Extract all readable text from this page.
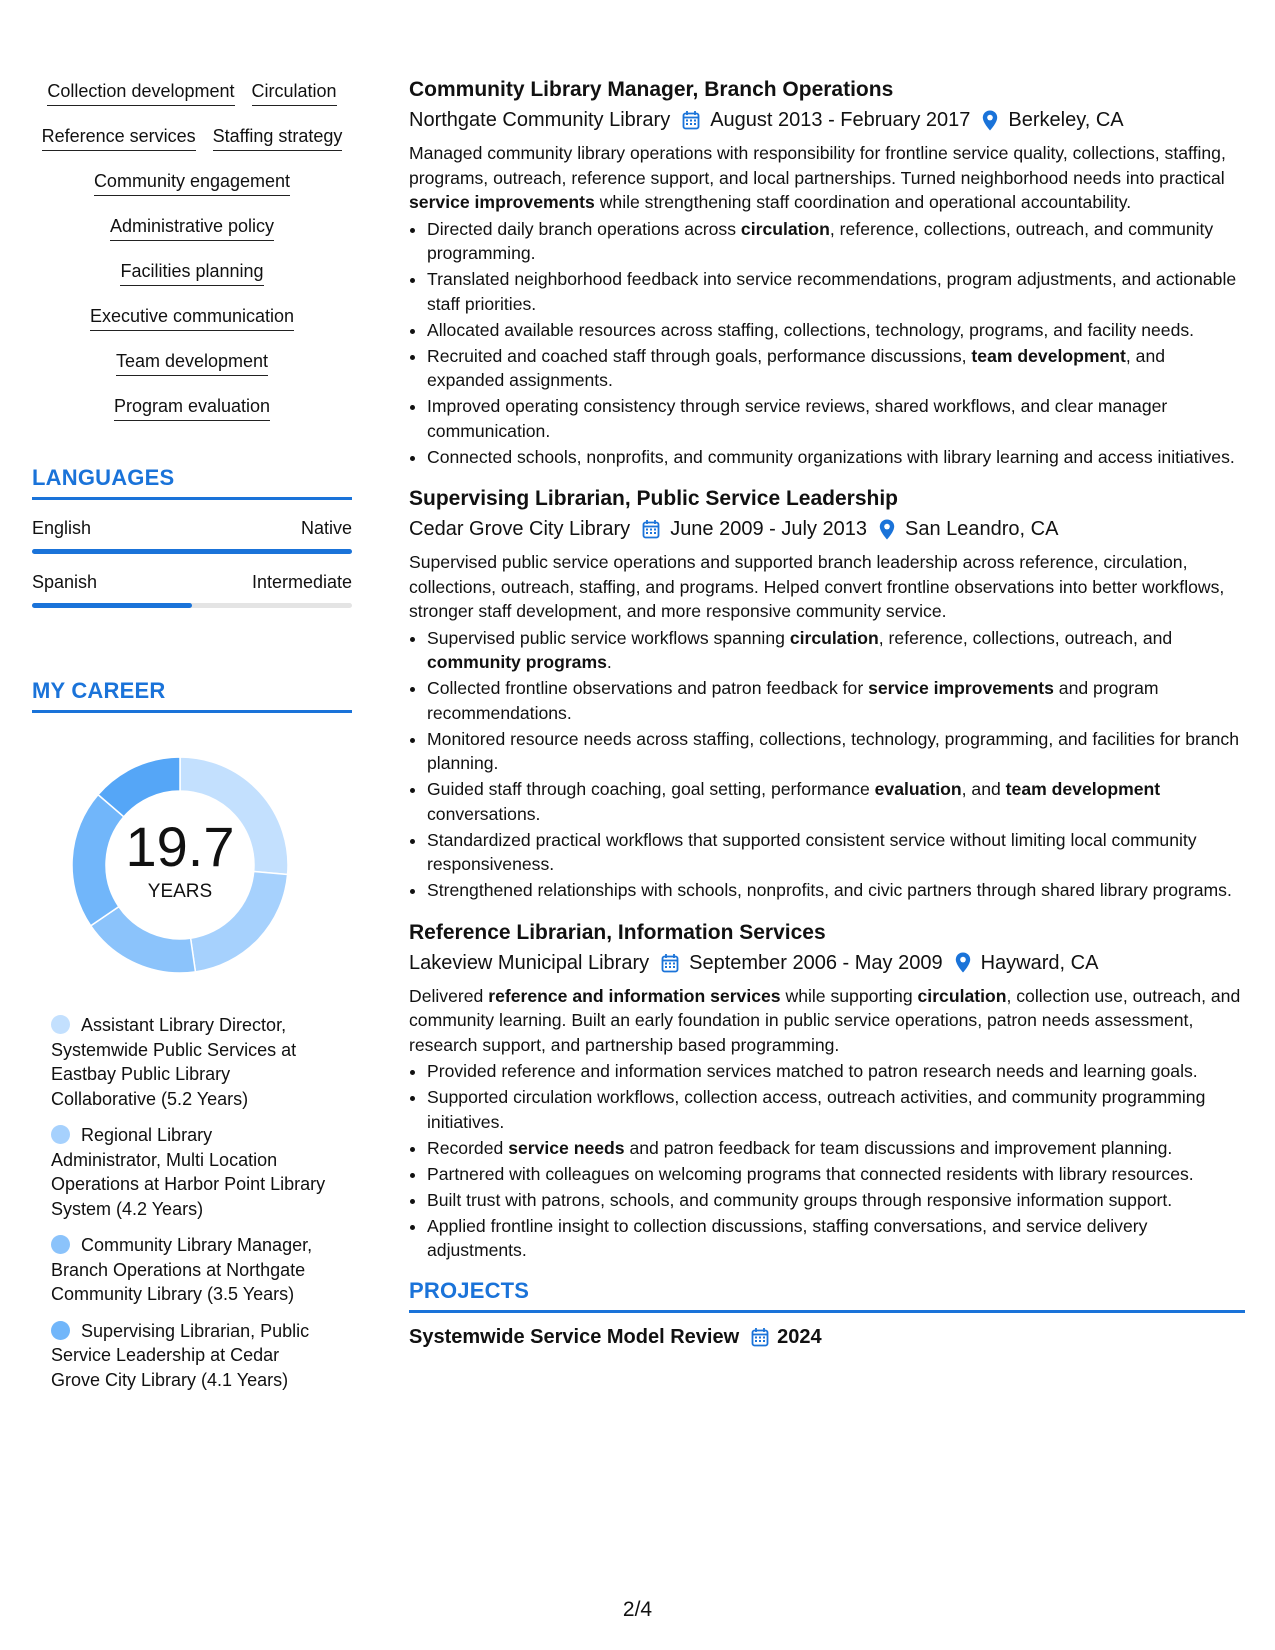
Collection development Circulation
Reference services Staffing strategy
Community engagement
Administrative policy
Facilities planning
Executive communication
Team development
Program evaluation
LANGUAGES
English	Native
Spanish	Intermediate
MY CAREER
19.7
YEARS
Assistant Library Director, Systemwide Public Services at Eastbay Public Library Collaborative (5.2 Years)
Regional Library Administrator, Multi Location Operations at Harbor Point Library System (4.2 Years)
Community Library Manager, Branch Operations at Northgate Community Library (3.5 Years)
Supervising Librarian, Public Service Leadership at Cedar Grove City Library (4.1 Years)
Community Library Manager, Branch Operations
Northgate Community Library August 2013 - February 2017 Berkeley, CA
Managed community library operations with responsibility for frontline service quality, collections, staffing, programs, outreach, reference support, and local partnerships. Turned neighborhood needs into practical service improvements while strengthening staff coordination and operational accountability.
• Directed daily branch operations across circulation, reference, collections, outreach, and community programming.
• Translated neighborhood feedback into service recommendations, program adjustments, and actionable staff priorities.
• Allocated available resources across staffing, collections, technology, programs, and facility needs.
• Recruited and coached staff through goals, performance discussions, team development, and expanded assignments.
• Improved operating consistency through service reviews, shared workflows, and clear manager communication.
• Connected schools, nonprofits, and community organizations with library learning and access initiatives.
Supervising Librarian, Public Service Leadership
Cedar Grove City Library June 2009 - July 2013 San Leandro, CA
Supervised public service operations and supported branch leadership across reference, circulation, collections, outreach, staffing, and programs. Helped convert frontline observations into better workflows, stronger staff development, and more responsive community service.
• Supervised public service workflows spanning circulation, reference, collections, outreach, and community programs.
• Collected frontline observations and patron feedback for service improvements and program recommendations.
• Monitored resource needs across staffing, collections, technology, programming, and facilities for branch planning.
• Guided staff through coaching, goal setting, performance evaluation, and team development conversations.
• Standardized practical workflows that supported consistent service without limiting local community responsiveness.
• Strengthened relationships with schools, nonprofits, and civic partners through shared library programs.
Reference Librarian, Information Services
Lakeview Municipal Library September 2006 - May 2009 Hayward, CA
Delivered reference and information services while supporting circulation, collection use, outreach, and community learning. Built an early foundation in public service operations, patron needs assessment, research support, and partnership based programming.
• Provided reference and information services matched to patron research needs and learning goals.
• Supported circulation workflows, collection access, outreach activities, and community programming initiatives.
• Recorded service needs and patron feedback for team discussions and improvement planning.
• Partnered with colleagues on welcoming programs that connected residents with library resources.
• Built trust with patrons, schools, and community groups through responsive information support.
• Applied frontline insight to collection discussions, staffing conversations, and service delivery adjustments.
PROJECTS
Systemwide Service Model Review 2024
2/4
